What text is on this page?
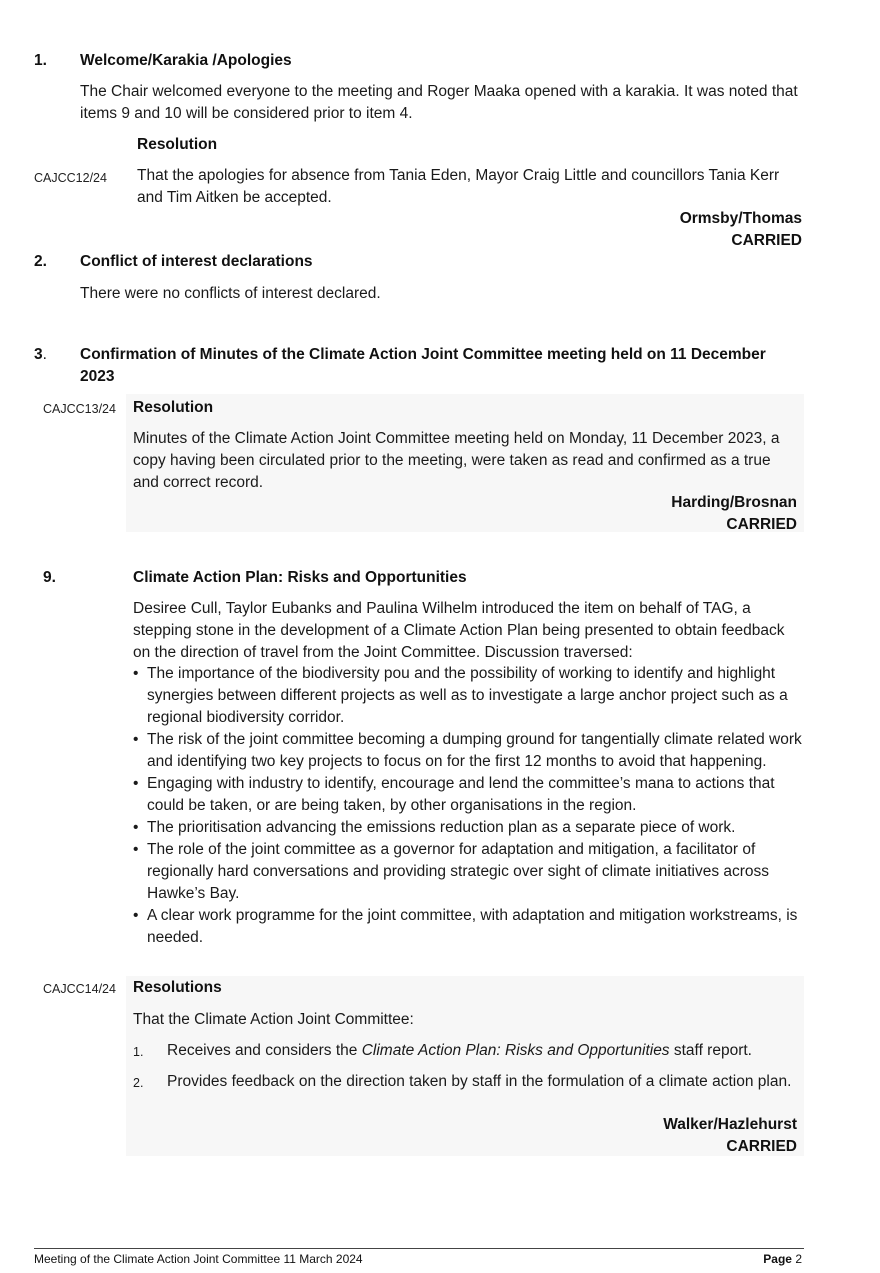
1. Welcome/Karakia /Apologies
The Chair welcomed everyone to the meeting and Roger Maaka opened with a karakia. It was noted that items 9 and 10 will be considered prior to item 4.
Resolution
CAJCC12/24 That the apologies for absence from Tania Eden, Mayor Craig Little and councillors Tania Kerr and Tim Aitken be accepted.
Ormsby/Thomas
CARRIED
2. Conflict of interest declarations
There were no conflicts of interest declared.
3. Confirmation of Minutes of the Climate Action Joint Committee meeting held on 11 December 2023
CAJCC13/24 Resolution
Minutes of the Climate Action Joint Committee meeting held on Monday, 11 December 2023, a copy having been circulated prior to the meeting, were taken as read and confirmed as a true and correct record.
Harding/Brosnan
CARRIED
9.	Climate Action Plan: Risks and Opportunities
Desiree Cull, Taylor Eubanks and Paulina Wilhelm introduced the item on behalf of TAG, a stepping stone in the development of a Climate Action Plan being presented to obtain feedback on the direction of travel from the Joint Committee. Discussion traversed:
• The importance of the biodiversity pou and the possibility of working to identify and highlight synergies between different projects as well as to investigate a large anchor project such as a regional biodiversity corridor.
• The risk of the joint committee becoming a dumping ground for tangentially climate related work and identifying two key projects to focus on for the first 12 months to avoid that happening.
• Engaging with industry to identify, encourage and lend the committee’s mana to actions that could be taken, or are being taken, by other organisations in the region.
• The prioritisation advancing the emissions reduction plan as a separate piece of work.
• The role of the joint committee as a governor for adaptation and mitigation, a facilitator of regionally hard conversations and providing strategic over sight of climate initiatives across Hawke’s Bay.
• A clear work programme for the joint committee, with adaptation and mitigation workstreams, is needed.
CAJCC14/24 Resolutions
That the Climate Action Joint Committee:
1. Receives and considers the Climate Action Plan: Risks and Opportunities staff report.
2. Provides feedback on the direction taken by staff in the formulation of a climate action plan.
Walker/Hazlehurst
CARRIED
Meeting of the Climate Action Joint Committee 11 March 2024	Page 2
